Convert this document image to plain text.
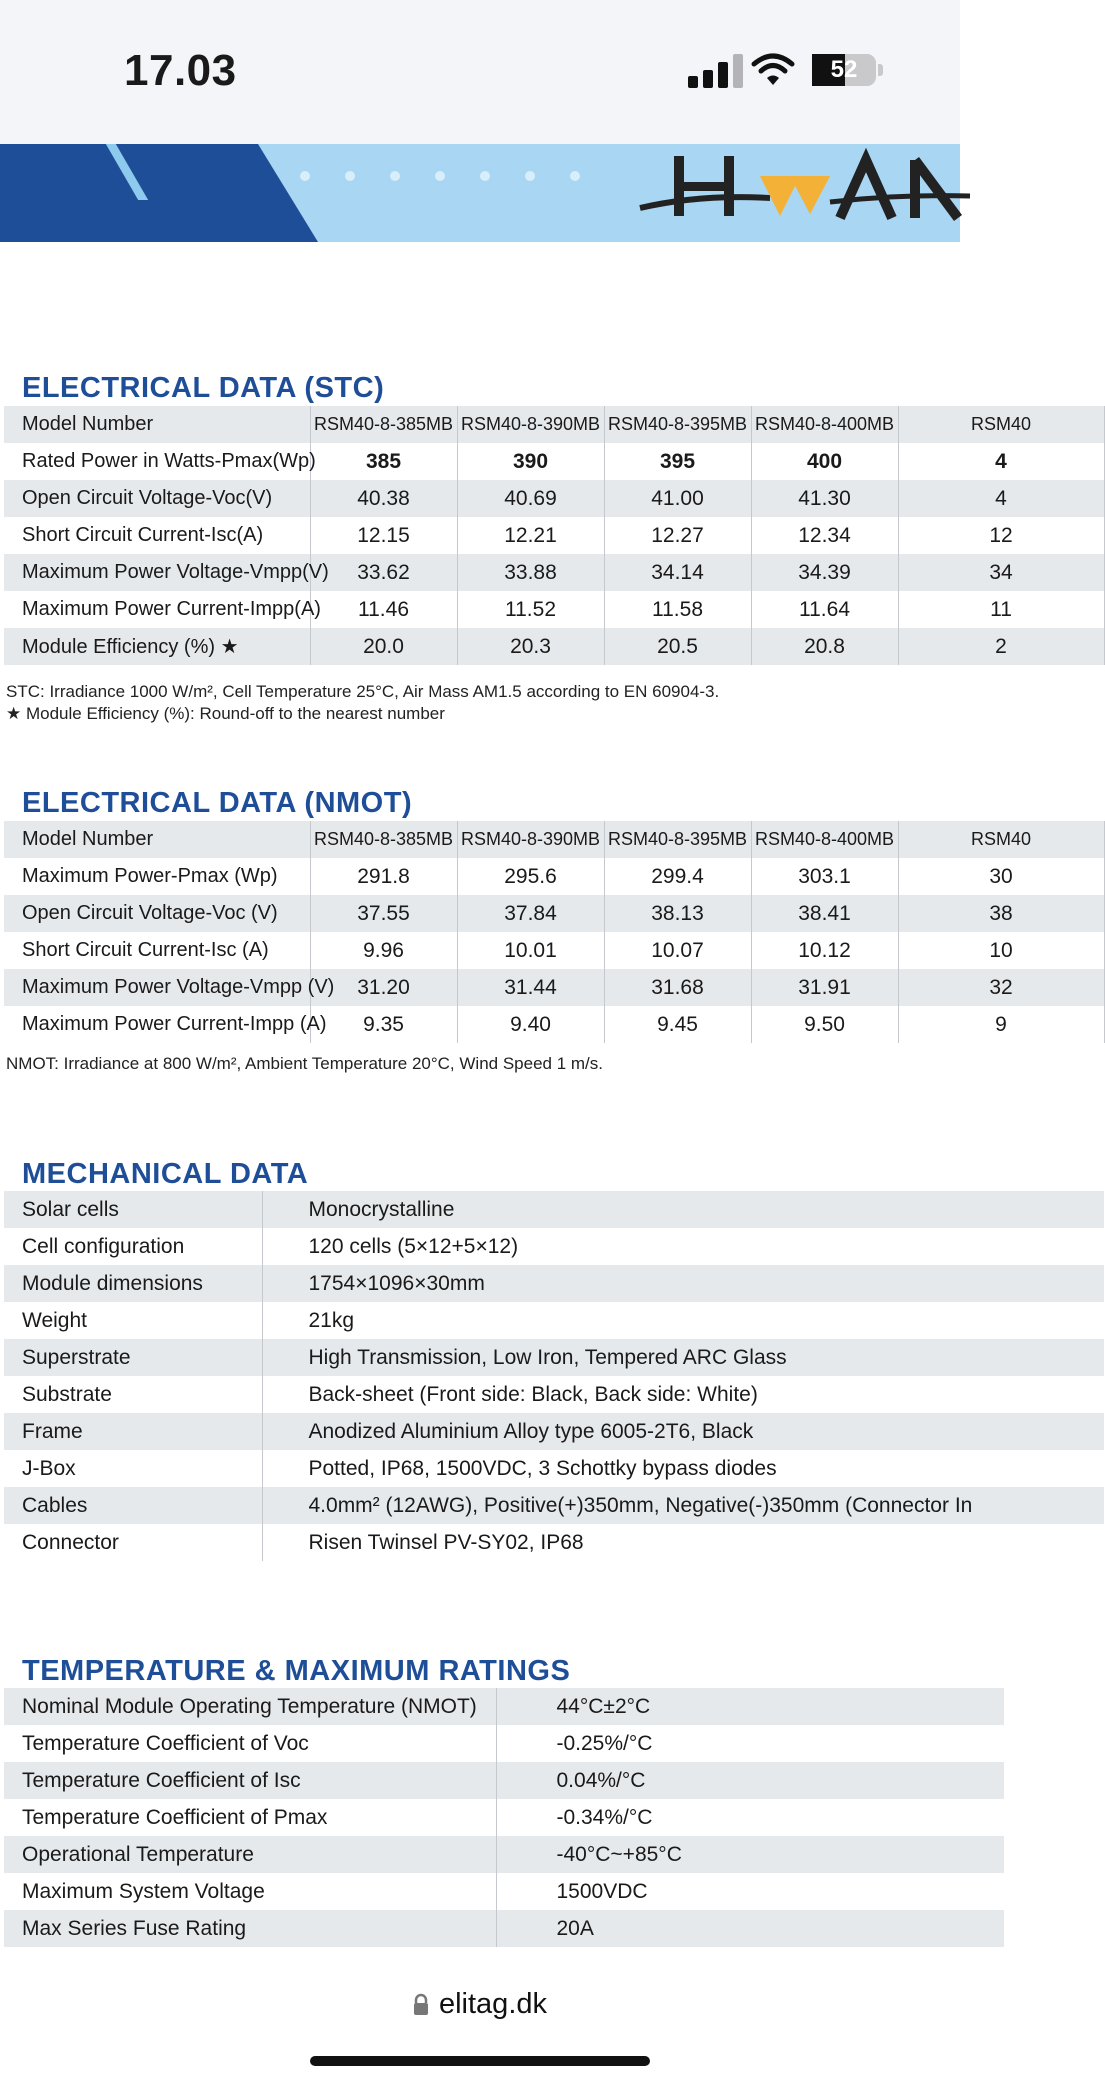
17.03	52
ELECTRICAL DATA (STC)
Model Number	RSM40-8-385MB	RSM40-8-390MB	RSM40-8-395MB	RSM40-8-400MB	RSM40
Rated Power in Watts-Pmax(Wp)	385	390	395	400	4
Open Circuit Voltage-Voc(V)	40.38	40.69	41.00	41.30	4
Short Circuit Current-Isc(A)	12.15	12.21	12.27	12.34	12
Maximum Power Voltage-Vmpp(V)	33.62	33.88	34.14	34.39	34
Maximum Power Current-Impp(A)	11.46	11.52	11.58	11.64	11
Module Efficiency (%) ★	20.0	20.3	20.5	20.8	2
STC: Irradiance 1000 W/m², Cell Temperature 25°C, Air Mass AM1.5 according to EN 60904-3.
★ Module Efficiency (%): Round-off to the nearest number
ELECTRICAL DATA (NMOT)
Model Number	RSM40-8-385MB	RSM40-8-390MB	RSM40-8-395MB	RSM40-8-400MB	RSM40
Maximum Power-Pmax (Wp)	291.8	295.6	299.4	303.1	30
Open Circuit Voltage-Voc (V)	37.55	37.84	38.13	38.41	38
Short Circuit Current-Isc (A)	9.96	10.01	10.07	10.12	10
Maximum Power Voltage-Vmpp (V)	31.20	31.44	31.68	31.91	32
Maximum Power Current-Impp (A)	9.35	9.40	9.45	9.50	9
NMOT: Irradiance at 800 W/m², Ambient Temperature 20°C, Wind Speed 1 m/s.
MECHANICAL DATA
Solar cells	Monocrystalline
Cell configuration	120 cells (5×12+5×12)
Module dimensions	1754×1096×30mm
Weight	21kg
Superstrate	High Transmission, Low Iron, Tempered ARC Glass
Substrate	Back-sheet (Front side: Black, Back side: White)
Frame	Anodized Aluminium Alloy type 6005-2T6, Black
J-Box	Potted, IP68, 1500VDC, 3 Schottky bypass diodes
Cables	4.0mm² (12AWG), Positive(+)350mm, Negative(-)350mm (Connector In
Connector	Risen Twinsel PV-SY02, IP68
TEMPERATURE & MAXIMUM RATINGS
Nominal Module Operating Temperature (NMOT)	44°C±2°C
Temperature Coefficient of Voc	-0.25%/°C
Temperature Coefficient of Isc	0.04%/°C
Temperature Coefficient of Pmax	-0.34%/°C
Operational Temperature	-40°C~+85°C
Maximum System Voltage	1500VDC
Max Series Fuse Rating	20A
elitag.dk
